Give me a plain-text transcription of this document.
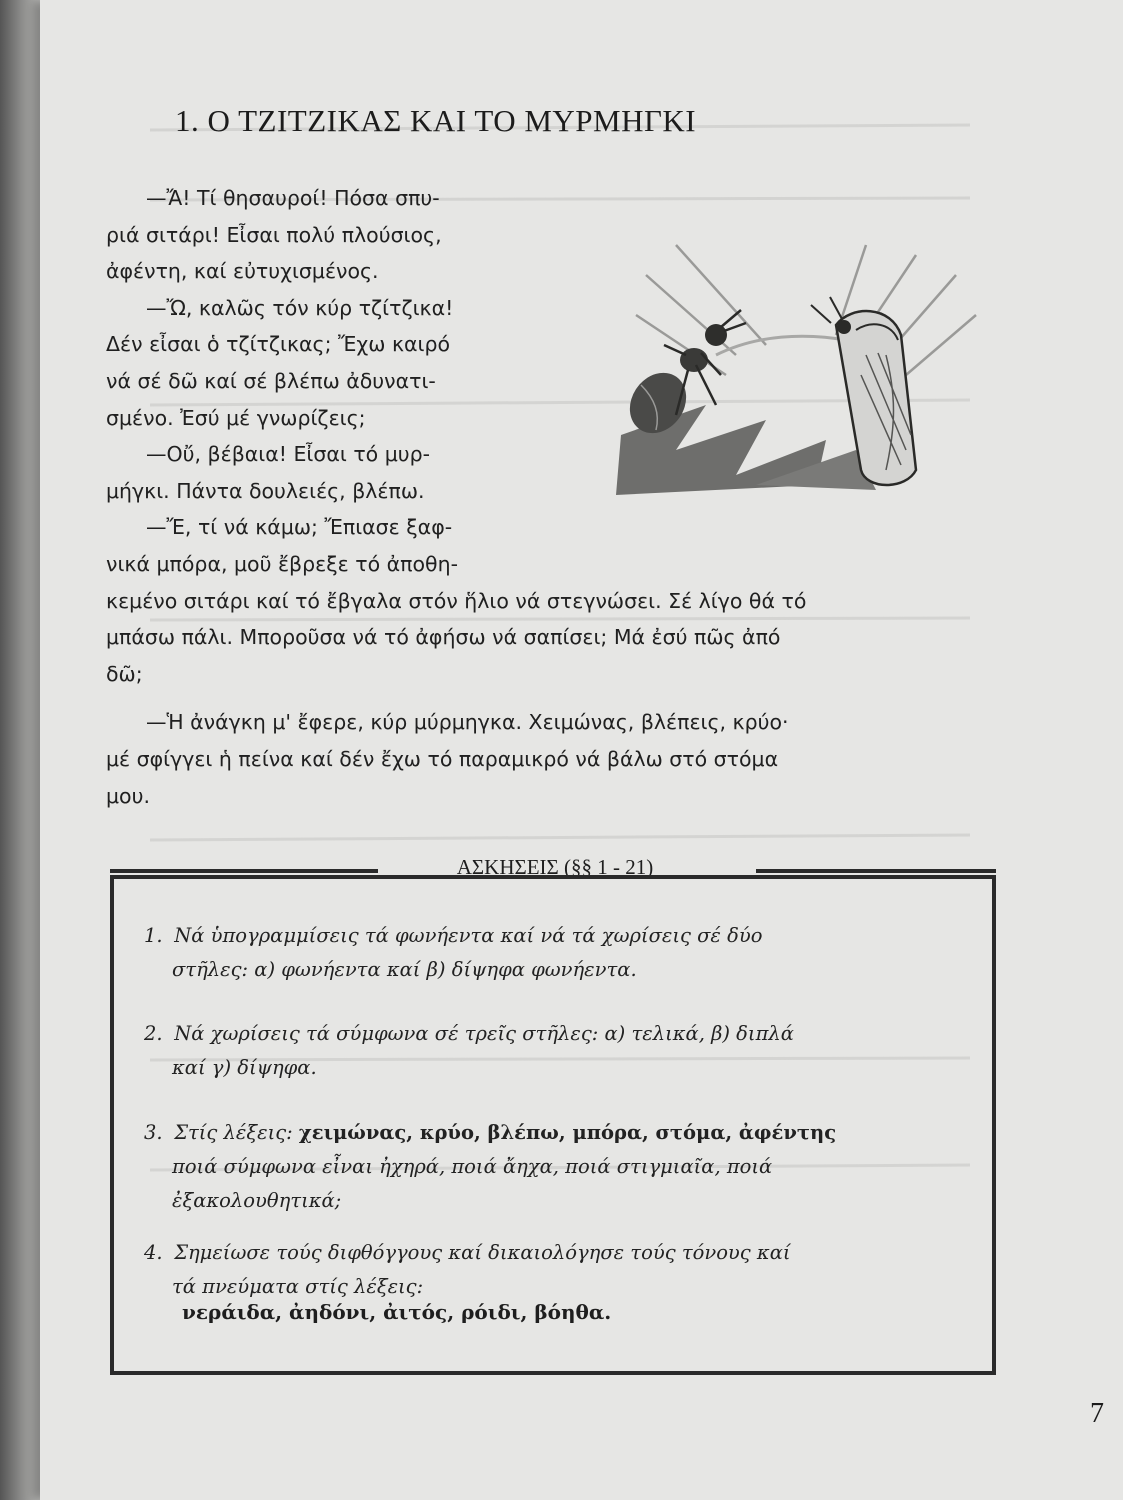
1. Ο ΤΖΙΤΖΙΚΑΣ ΚΑΙ ΤΟ ΜΥΡΜΗΓΚΙ

—Ἄ! Τί θησαυροί! Πόσα σπυ-

ριά σιτάρι! Εἶσαι πολύ πλούσιος,
ἀφέντη, καί εὐτυχισμένος.

—Ὤ, καλῶς τόν κύρ τζίτζικα!

Δέν εἶσαι ὁ τζίτζικας; Ἔχω καιρό
νά σέ δῶ καί σέ βλέπω ἀδυνατι-
σμένο. Ἐσύ μέ γνωρίζεις;

—Οὔ, βέβαια! Εἶσαι τό μυρ-

μήγκι. Πάντα δουλειές, βλέπω.

—Ἔ, τί νά κάμω; Ἔπιασε ξαφ-

νικά μπόρα, μοῦ ἔβρεξε τό ἀποθη-
κεμένο σιτάρι καί τό ἔβγαλα στόν ἥλιο νά στεγνώσει. Σέ λίγο θά τό
μπάσω πάλι. Μποροῦσα νά τό ἀφήσω νά σαπίσει; Μά ἐσύ πῶς ἀπό
δῶ;

—Ἡ ἀνάγκη μ' ἔφερε, κύρ μύρμηγκα. Χειμώνας, βλέπεις, κρύο·

μέ σφίγγει ἡ πείνα καί δέν ἔχω τό παραμικρό νά βάλω στό στόμα
μου.

ΑΣΚΗΣΕΙΣ (§§ 1 - 21)
1. Νά ὑπογραμμίσεις τά φωνήεντα καί νά τά χωρίσεις σέ δύο
στῆλες: α) φωνήεντα καί β) δίψηφα φωνήεντα.
2. Νά χωρίσεις τά σύμφωνα σέ τρεῖς στῆλες: α) τελικά, β) διπλά
καί γ) δίψηφα.
3. Στίς λέξεις: χειμώνας, κρύο, βλέπω, μπόρα, στόμα, ἀφέντης
ποιά σύμφωνα εἶναι ἠχηρά, ποιά ἄηχα, ποιά στιγμιαῖα, ποιά
ἐξακολουθητικά;
4. Σημείωσε τούς διφθόγγους καί δικαιολόγησε τούς τόνους καί
τά πνεύματα στίς λέξεις:
νεράιδα, ἀηδόνι, ἀιτός, ρόιδι, βόηθα.
7
